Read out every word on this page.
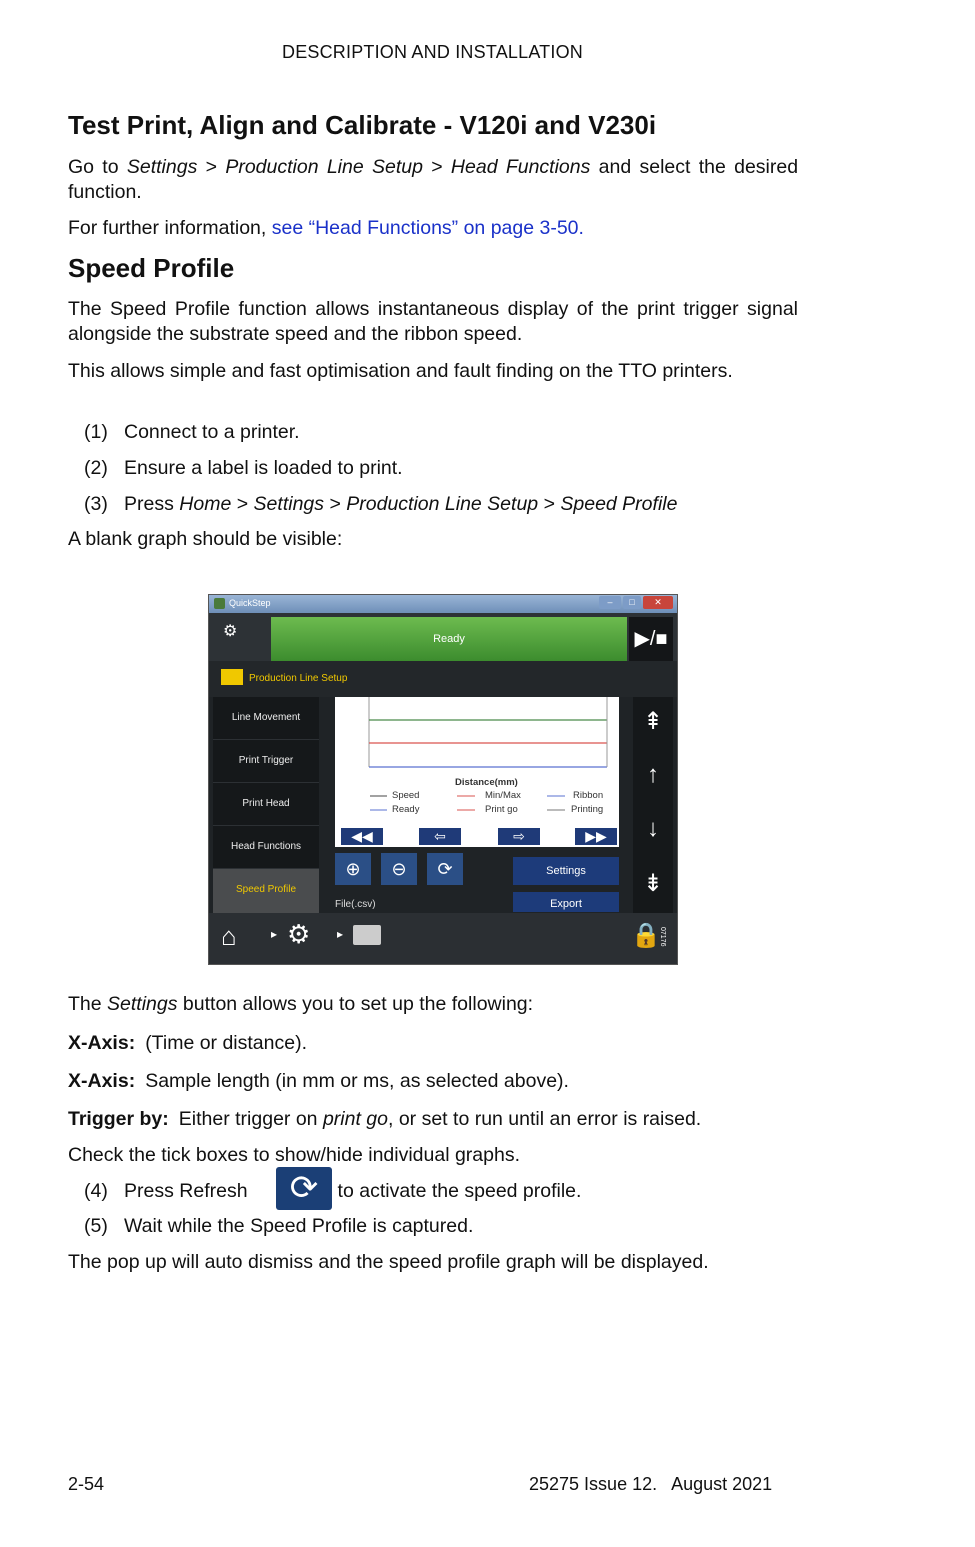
DESCRIPTION AND INSTALLATION
Test Print, Align and Calibrate - V120i and V230i
Go to Settings > Production Line Setup > Head Functions and select the desired function.
For further information, see “Head Functions” on page 3-50.
Speed Profile
The Speed Profile function allows instantaneous display of the print trigger signal alongside the substrate speed and the ribbon speed.
This allows simple and fast optimisation and fault finding on the TTO printers.
(1) Connect to a printer.
(2) Ensure a label is loaded to print.
(3) Press Home > Settings > Production Line Setup > Speed Profile
A blank graph should be visible:
QuickStep	–	□	✕
⚙	Ready	▶/■
Production Line Setup
Line Movement
Print Trigger
Print Head
Head Functions
Speed Profile
Distance(mm)
Speed	Min/Max	Ribbon
Ready	Print go	Printing
◀◀	⇦	⇨	▶▶
⊕	⊖	⟳	Settings
File(.csv)	Export
⇞
↑
↓
⇟
⌂	▸ ⚙ ▸	🔒
07176
The Settings button allows you to set up the following:
X-Axis: (Time or distance).
X-Axis: Sample length (in mm or ms, as selected above).
Trigger by: Either trigger on print go, or set to run until an error is raised.
Check the tick boxes to show/hide individual graphs.
(4) Press Refresh	to activate the speed profile.
⟳
(5) Wait while the Speed Profile is captured.
The pop up will auto dismiss and the speed profile graph will be displayed.
2-54	25275 Issue 12.   August 2021
